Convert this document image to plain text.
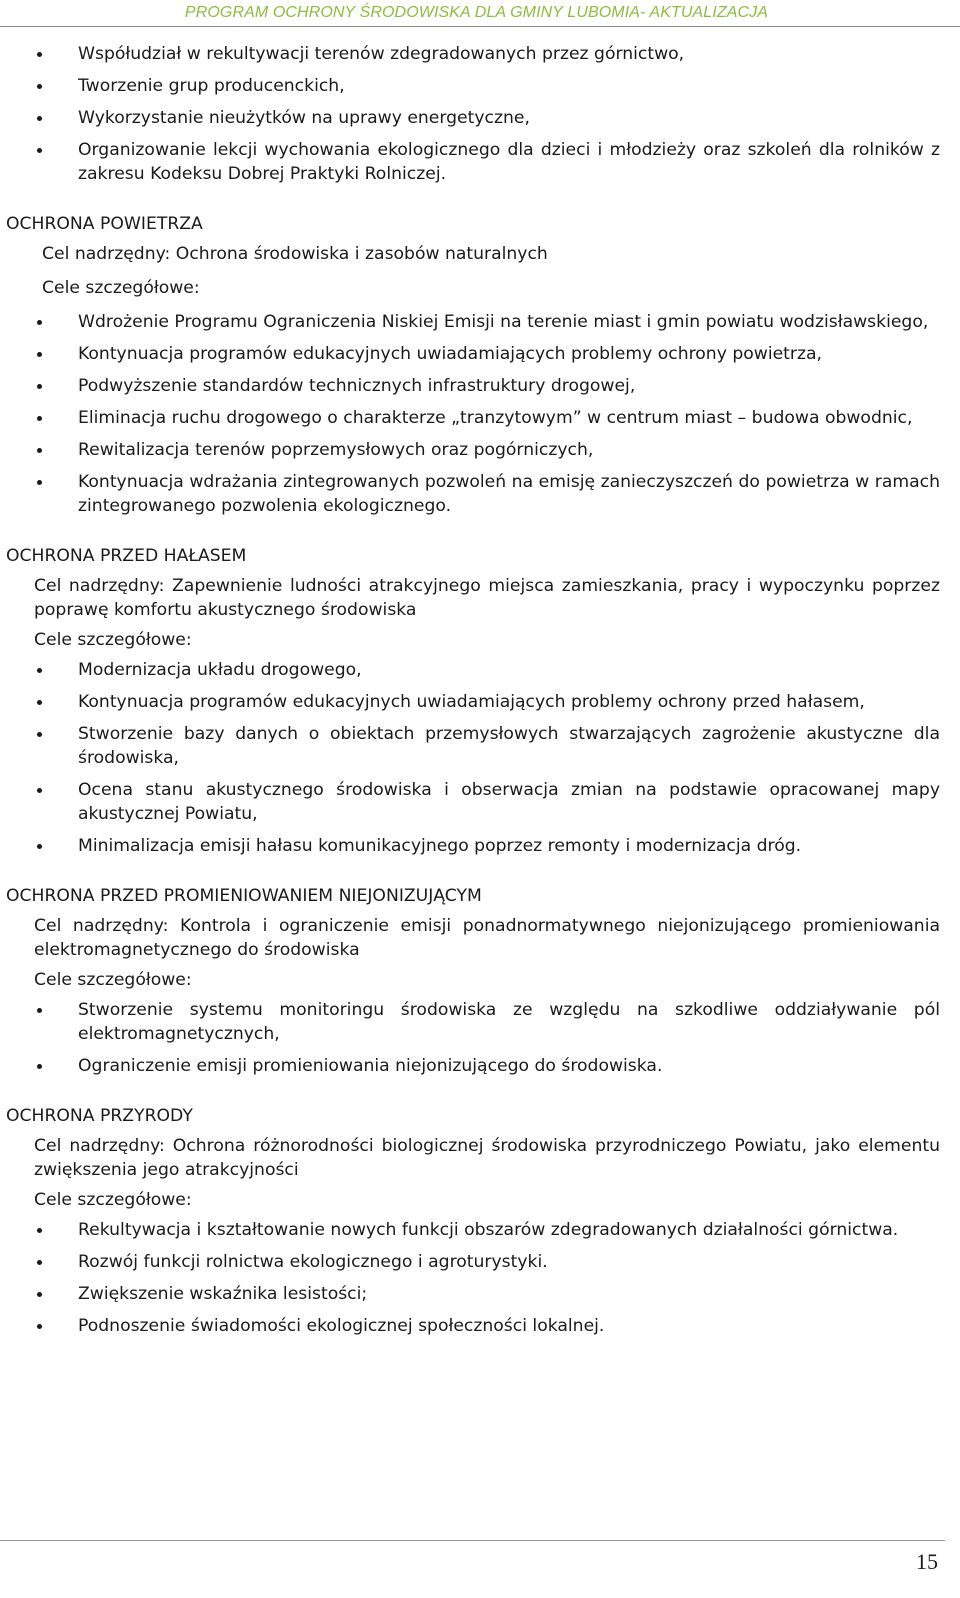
PROGRAM OCHRONY ŚRODOWISKA DLA GMINY LUBOMIA- AKTUALIZACJA
Współudział w rekultywacji terenów zdegradowanych przez górnictwo,
Tworzenie grup producenckich,
Wykorzystanie nieużytków na uprawy energetyczne,
Organizowanie lekcji wychowania ekologicznego dla dzieci i młodzieży oraz szkoleń dla rolników z zakresu Kodeksu Dobrej Praktyki Rolniczej.
OCHRONA POWIETRZA
Cel nadrzędny: Ochrona środowiska i zasobów naturalnych
Cele szczegółowe:
Wdrożenie Programu Ograniczenia Niskiej Emisji na terenie miast i gmin powiatu wodzisławskiego,
Kontynuacja programów edukacyjnych uwiadamiających problemy ochrony powietrza,
Podwyższenie standardów technicznych infrastruktury drogowej,
Eliminacja ruchu drogowego o charakterze „tranzytowym” w centrum miast – budowa obwodnic,
Rewitalizacja terenów poprzemysłowych oraz pogórniczych,
Kontynuacja wdrażania zintegrowanych pozwoleń na emisję zanieczyszczeń do powietrza w ramach zintegrowanego pozwolenia ekologicznego.
OCHRONA PRZED HAŁASEM
Cel nadrzędny: Zapewnienie ludności atrakcyjnego miejsca zamieszkania, pracy i wypoczynku poprzez poprawę komfortu akustycznego środowiska
Cele szczegółowe:
Modernizacja układu drogowego,
Kontynuacja programów edukacyjnych uwiadamiających problemy ochrony przed hałasem,
Stworzenie bazy danych o obiektach przemysłowych stwarzających zagrożenie akustyczne dla środowiska,
Ocena stanu akustycznego środowiska i obserwacja zmian na podstawie opracowanej mapy akustycznej Powiatu,
Minimalizacja emisji hałasu komunikacyjnego poprzez remonty i modernizacja dróg.
OCHRONA PRZED PROMIENIOWANIEM NIEJONIZUJĄCYM
Cel nadrzędny: Kontrola i ograniczenie emisji ponadnormatywnego niejonizującego promieniowania elektromagnetycznego do środowiska
Cele szczegółowe:
Stworzenie systemu monitoringu środowiska ze względu na szkodliwe oddziaływanie pól elektromagnetycznych,
Ograniczenie emisji promieniowania niejonizującego do środowiska.
OCHRONA PRZYRODY
Cel nadrzędny: Ochrona różnorodności biologicznej środowiska przyrodniczego Powiatu, jako elementu zwiększenia jego atrakcyjności
Cele szczegółowe:
Rekultywacja i kształtowanie nowych funkcji obszarów zdegradowanych działalności górnictwa.
Rozwój funkcji rolnictwa ekologicznego i agroturystyki.
Zwiększenie wskaźnika lesistości;
Podnoszenie świadomości ekologicznej społeczności lokalnej.
15
